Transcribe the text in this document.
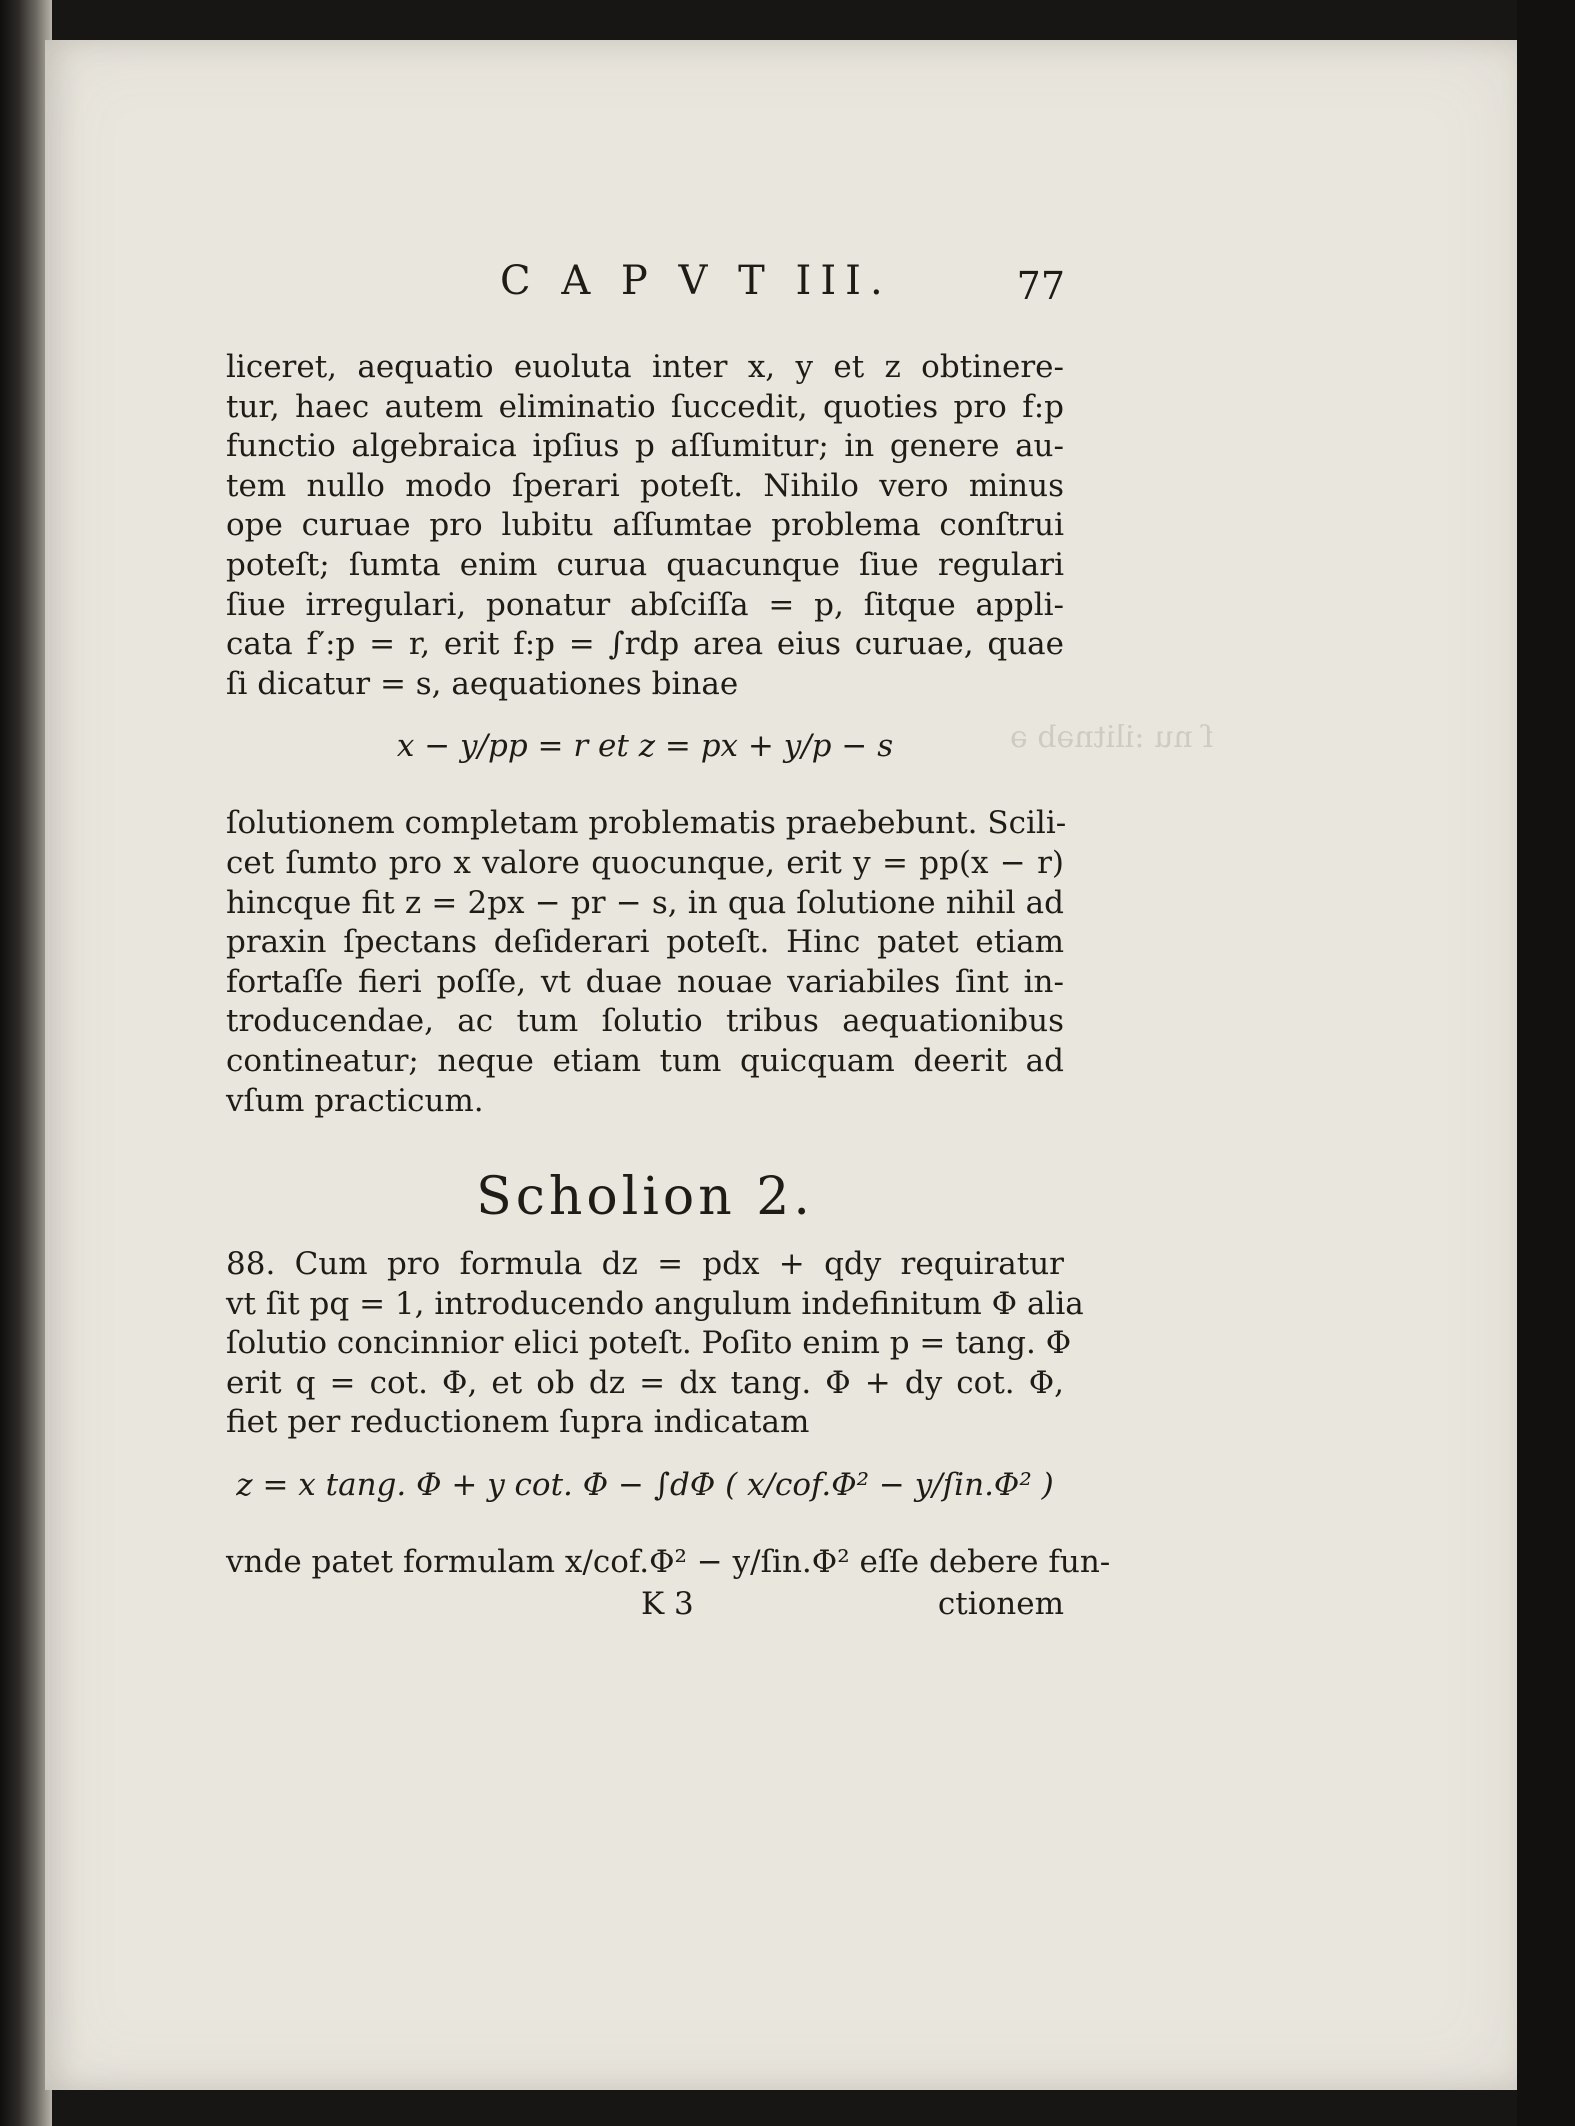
ſ nu :ilitnəb ǝ
C A P V T III.	77
liceret, aequatio euoluta inter x, y et z obtinere-
tur, haec autem eliminatio ſuccedit, quoties pro f:p
functio algebraica ipſius p aſſumitur; in genere au-
tem nullo modo ſperari poteſt. Nihilo vero minus
ope curuae pro lubitu aſſumtae problema conſtrui
poteſt; ſumta enim curua quacunque ſiue regulari
ſiue irregulari, ponatur abſciſſa = p, ſitque appli-
cata f′:p = r, erit f:p = ∫rdp area eius curuae, quae
ſi dicatur = s, aequationes binae
x − y/pp = r et z = px + y/p − s
ſolutionem completam problematis praebebunt. Scili-
cet ſumto pro x valore quocunque, erit y = pp(x − r)
hincque fit z = 2px − pr − s, in qua ſolutione nihil ad
praxin ſpectans deſiderari poteſt. Hinc patet etiam
fortaſſe fieri poſſe, vt duae nouae variabiles ſint in-
troducendae, ac tum ſolutio tribus aequationibus
contineatur; neque etiam tum quicquam deerit ad
vſum practicum.
Scholion 2.
88. Cum pro formula dz = pdx + qdy requiratur
vt ſit pq = 1, introducendo angulum indefinitum Φ alia
ſolutio concinnior elici poteſt. Poſito enim p = tang. Φ
erit q = cot. Φ, et ob dz = dx tang. Φ + dy cot. Φ,
fiet per reductionem ſupra indicatam
z = x tang. Φ + y cot. Φ − ∫dΦ ( x/cof.Φ² − y/ſin.Φ² )
vnde patet formulam x/cof.Φ² − y/ſin.Φ² eſſe debere fun-
K 3	ctionem
